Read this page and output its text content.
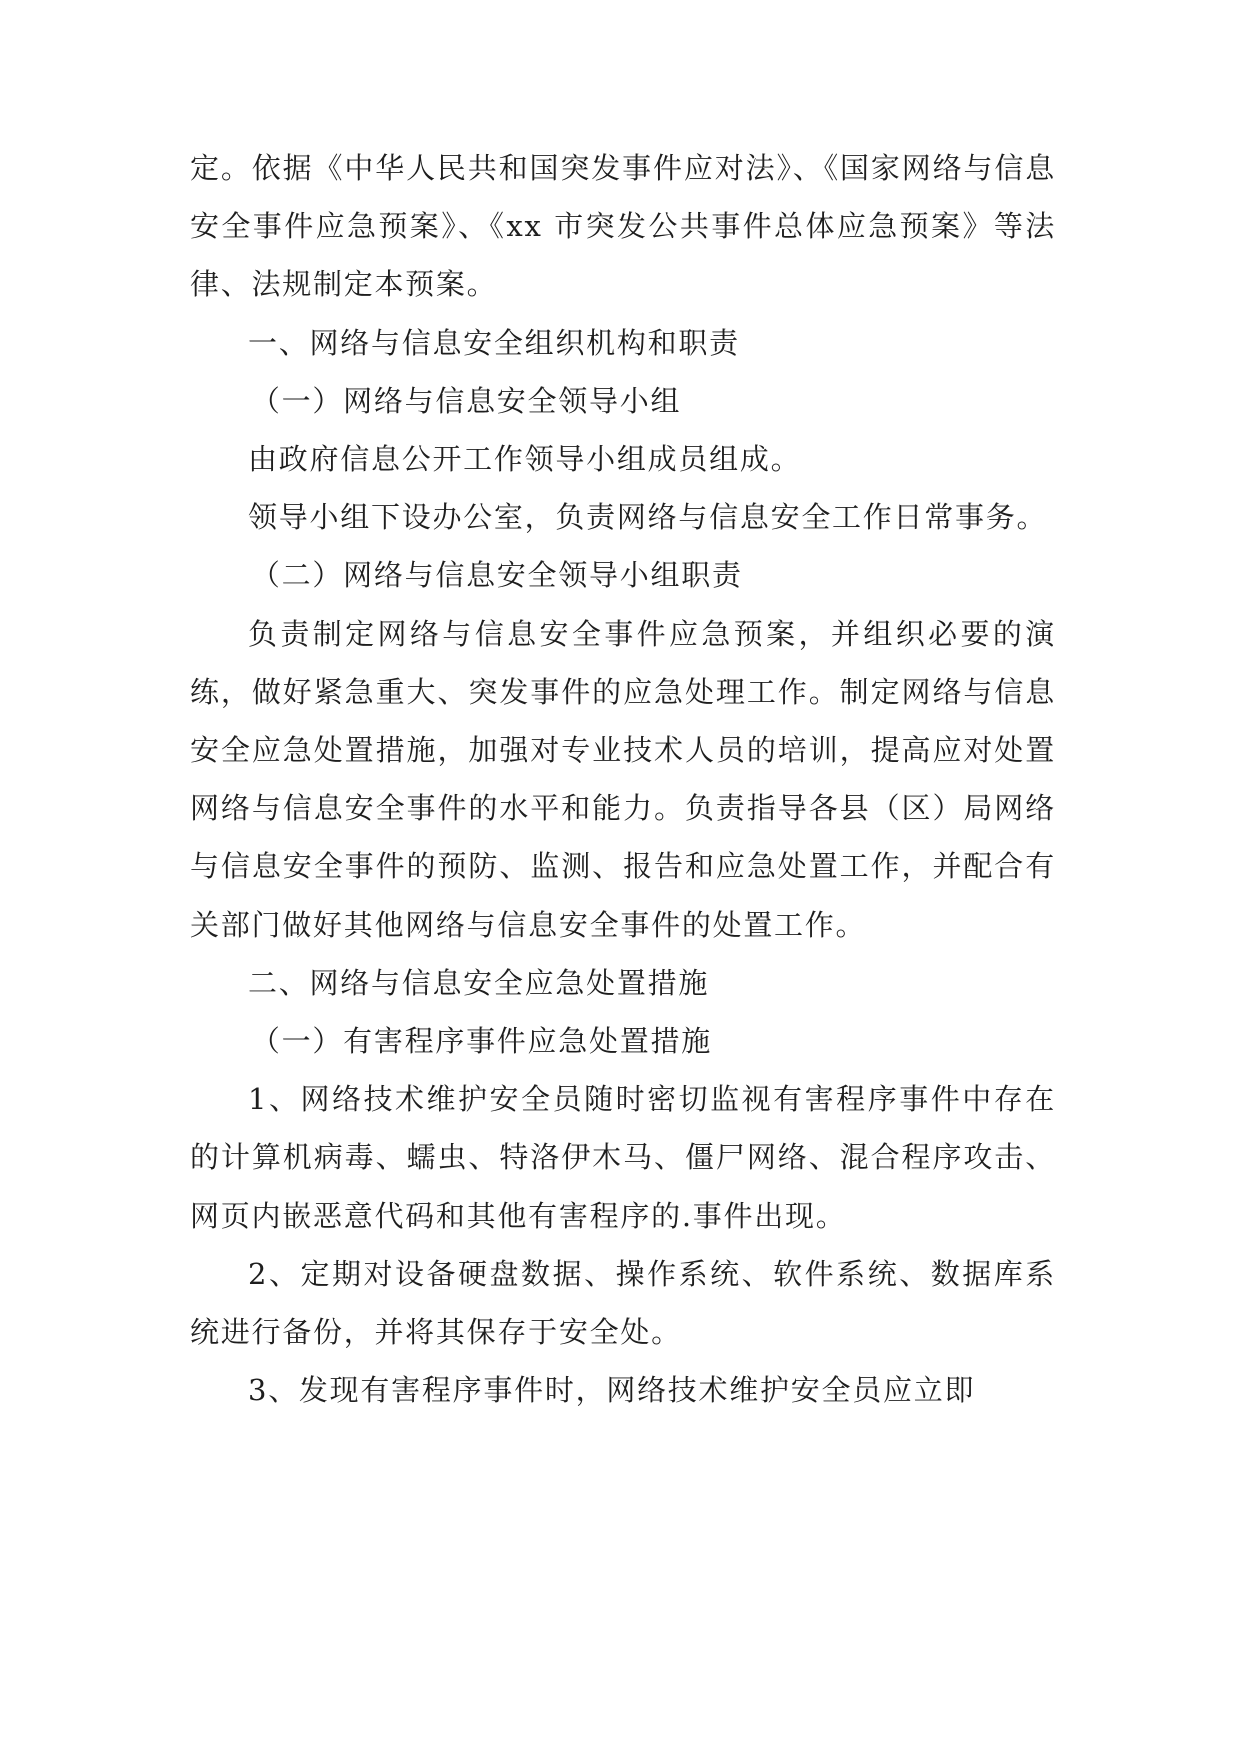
定。依据《中华人民共和国突发事件应对法》、《国家网络与信息安全事件应急预案》、《xx 市突发公共事件总体应急预案》等法律、法规制定本预案。

一、网络与信息安全组织机构和职责

（一）网络与信息安全领导小组

由政府信息公开工作领导小组成员组成。

领导小组下设办公室，负责网络与信息安全工作日常事务。

（二）网络与信息安全领导小组职责

负责制定网络与信息安全事件应急预案，并组织必要的演练，做好紧急重大、突发事件的应急处理工作。制定网络与信息安全应急处置措施，加强对专业技术人员的培训，提高应对处置网络与信息安全事件的水平和能力。负责指导各县（区）局网络与信息安全事件的预防、监测、报告和应急处置工作，并配合有关部门做好其他网络与信息安全事件的处置工作。

二、网络与信息安全应急处置措施

（一）有害程序事件应急处置措施

1、网络技术维护安全员随时密切监视有害程序事件中存在的计算机病毒、蠕虫、特洛伊木马、僵尸网络、混合程序攻击、网页内嵌恶意代码和其他有害程序的.事件出现。

2、定期对设备硬盘数据、操作系统、软件系统、数据库系统进行备份，并将其保存于安全处。

3、发现有害程序事件时，网络技术维护安全员应立即
